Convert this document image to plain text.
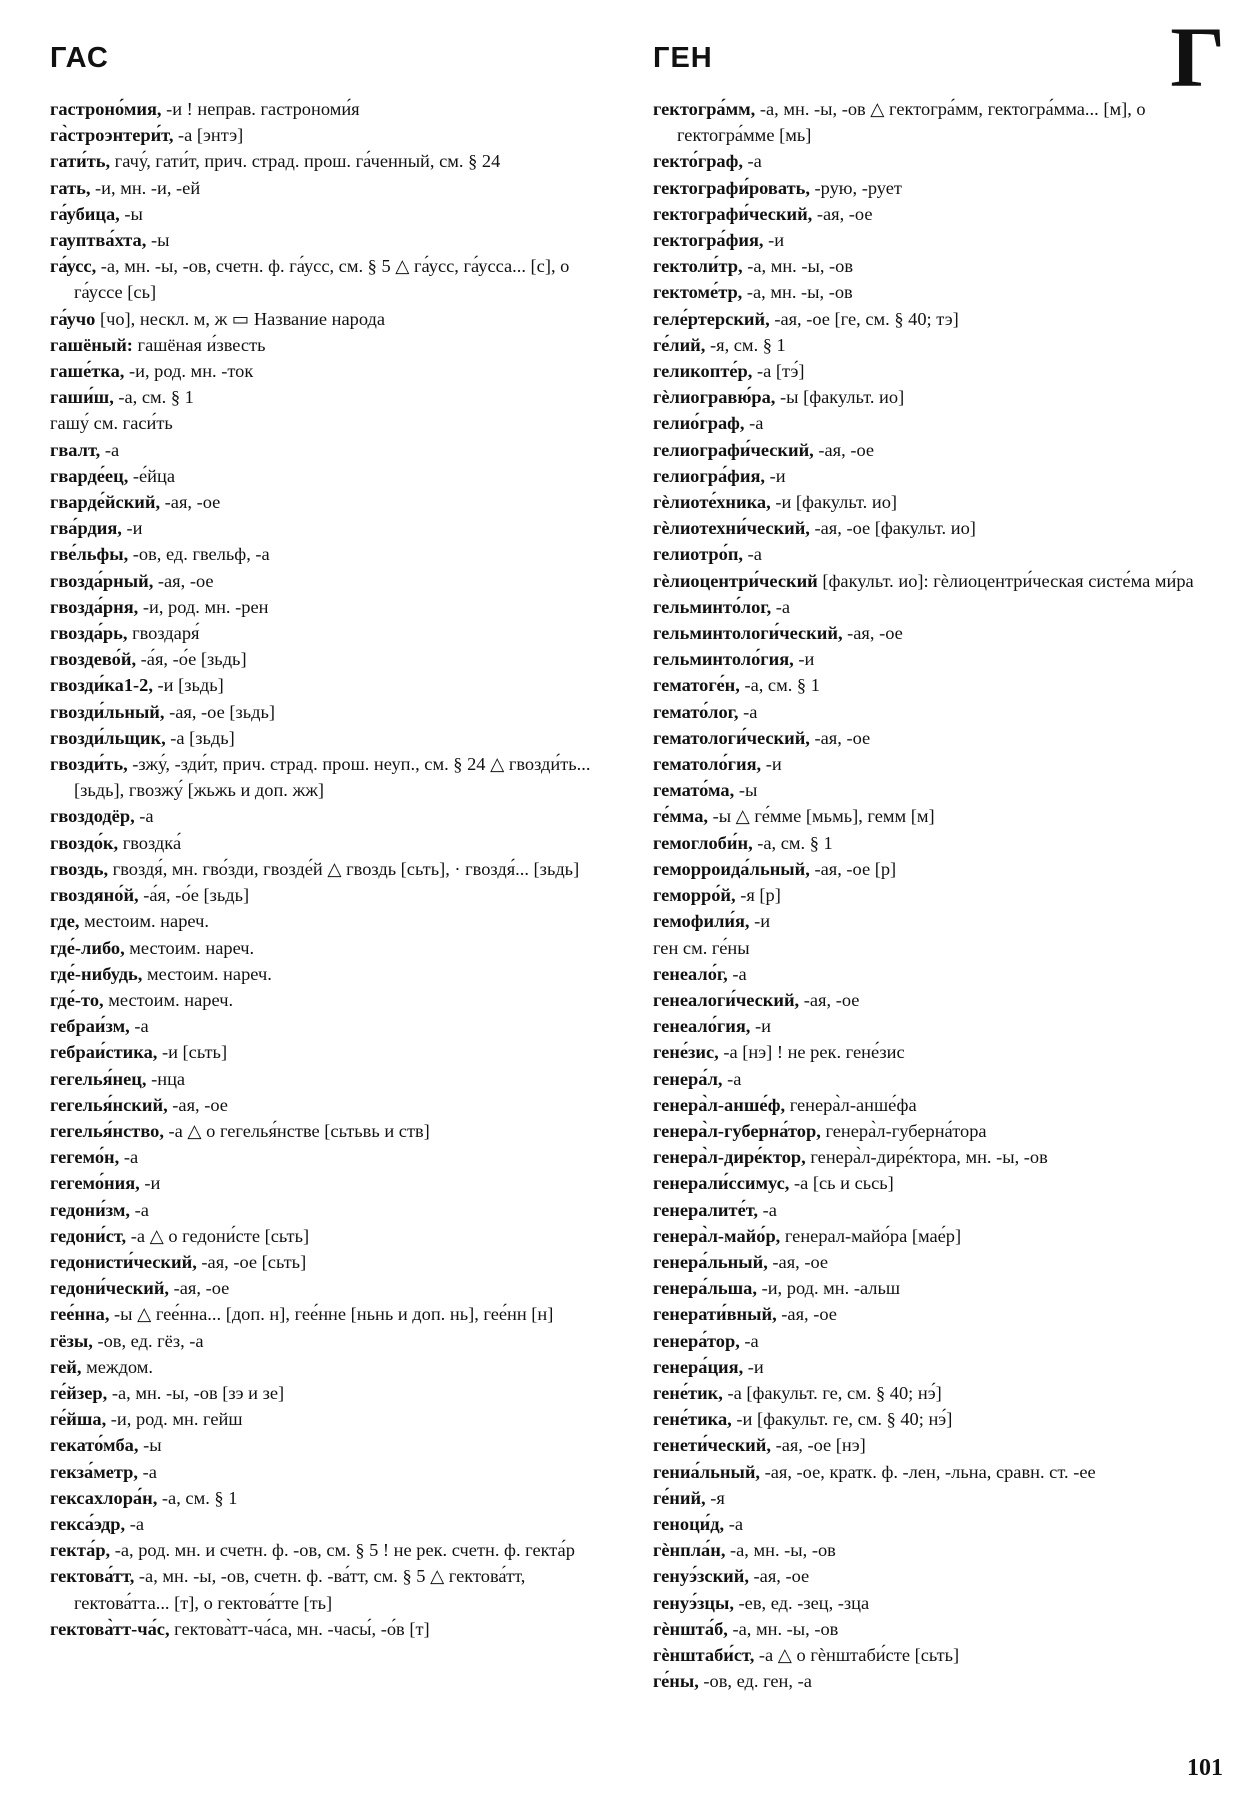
ГАС	ГЕН	Г

гастроно́мия, -и ! неправ. гастрономи́я

га̀строэнтери́т, -а [энтэ]

гати́ть, гачу́, гати́т, прич. страд. прош. га́ченный, см. § 24

гать, -и, мн. -и, -ей

га́убица, -ы

гауптва́хта, -ы

га́усс, -а, мн. -ы, -ов, счетн. ф. га́усс, см. § 5 △ га́усс, га́усса... [с], о га́уссе [сь]

га́учо [чо], нескл. м, ж ▭ Название народа

гашёный: гашёная и́звесть

гаше́тка, -и, род. мн. -ток

гаши́ш, -а, см. § 1

гашу́ см. гаси́ть

гвалт, -а

гварде́ец, -е́йца

гварде́йский, -ая, -ое

гва́рдия, -и

гве́льфы, -ов, ед. гвельф, -а

гвозда́рный, -ая, -ое

гвозда́рня, -и, род. мн. -рен

гвозда́рь, гвоздаря́

гвоздево́й, -а́я, -о́е [зьдь]

гвозди́ка1-2, -и [зьдь]

гвозди́льный, -ая, -ое [зьдь]

гвозди́льщик, -а [зьдь]

гвозди́ть, -зжу́, -зди́т, прич. страд. прош. неуп., см. § 24 △ гвозди́ть... [зьдь], гвозжу́ [жьжь и доп. жж]

гвоздодёр, -а

гвоздо́к, гвоздка́

гвоздь, гвоздя́, мн. гво́зди, гвозде́й △ гвоздь [сьть], · гвоздя́... [зьдь]

гвоздяно́й, -а́я, -о́е [зьдь]

где, местоим. нареч.

где́-либо, местоим. нареч.

где́-нибудь, местоим. нареч.

где́-то, местоим. нареч.

гебраи́зм, -а

гебраи́стика, -и [сьть]

гегелья́нец, -нца

гегелья́нский, -ая, -ое

гегелья́нство, -а △ о гегелья́нстве [сьтьвь и ств]

гегемо́н, -а

гегемо́ния, -и

гедони́зм, -а

гедони́ст, -а △ о гедони́сте [сьть]

гедонисти́ческий, -ая, -ое [сьть]

гедони́ческий, -ая, -ое

гее́нна, -ы △ гее́нна... [доп. н], гее́нне [ньнь и доп. нь], гее́нн [н]

гёзы, -ов, ед. гёз, -а

гей, междом.

ге́йзер, -а, мн. -ы, -ов [зэ и зе]

ге́йша, -и, род. мн. гейш

гекато́мба, -ы

гекза́метр, -а

гексахлора́н, -а, см. § 1

гекса́эдр, -а

гекта́р, -а, род. мн. и счетн. ф. -ов, см. § 5 ! не рек. счетн. ф. гекта́р

гектова́тт, -а, мн. -ы, -ов, счетн. ф. -ва́тт, см. § 5 △ гектова́тт, гектова́тта... [т], о гектова́тте [ть]

гектова̀тт-ча́с, гектова̀тт-ча́са, мн. -часы́, -о́в [т]

гектогра́мм, -а, мн. -ы, -ов △ гектогра́мм, гектогра́мма... [м], о гектогра́мме [мь]

гекто́граф, -а

гектографи́ровать, -рую, -рует

гектографи́ческий, -ая, -ое

гектогра́фия, -и

гектоли́тр, -а, мн. -ы, -ов

гектоме́тр, -а, мн. -ы, -ов

геле́ртерский, -ая, -ое [ге, см. § 40; тэ]

ге́лий, -я, см. § 1

геликопте́р, -а [тэ́]

гѐлиогравю́ра, -ы [факульт. ио]

гелио́граф, -а

гелиографи́ческий, -ая, -ое

гелиогра́фия, -и

гѐлиоте́хника, -и [факульт. ио]

гѐлиотехни́ческий, -ая, -ое [факульт. ио]

гелиотро́п, -а

гѐлиоцентри́ческий [факульт. ио]: гѐлиоцентри́ческая систе́ма ми́ра

гельминто́лог, -а

гельминтологи́ческий, -ая, -ое

гельминтоло́гия, -и

гематоге́н, -а, см. § 1

гемато́лог, -а

гематологи́ческий, -ая, -ое

гематоло́гия, -и

гемато́ма, -ы

ге́мма, -ы △ ге́мме [мьмь], гемм [м]

гемоглоби́н, -а, см. § 1

геморроида́льный, -ая, -ое [р]

геморро́й, -я [р]

гемофили́я, -и

ген см. ге́ны

генеало́г, -а

генеалоги́ческий, -ая, -ое

генеало́гия, -и

гене́зис, -а [нэ] ! не рек. гене́зис

генера́л, -а

генера̀л-анше́ф, генера̀л-анше́фа

генера̀л-губерна́тор, генера̀л-губерна́тора

генера̀л-дире́ктор, генера̀л-дире́ктора, мн. -ы, -ов

генерали́ссимус, -а [сь и сьсь]

генералите́т, -а

генера̀л-майо́р, генерал-майо́ра [мае́р]

генера́льный, -ая, -ое

генера́льша, -и, род. мн. -альш

генерати́вный, -ая, -ое

генера́тор, -а

генера́ция, -и

гене́тик, -а [факульт. ге, см. § 40; нэ́]

гене́тика, -и [факульт. ге, см. § 40; нэ́]

генети́ческий, -ая, -ое [нэ]

гениа́льный, -ая, -ое, кратк. ф. -лен, -льна, сравн. ст. -ее

ге́ний, -я

геноци́д, -а

гѐнпла́н, -а, мн. -ы, -ов

генуэ́зский, -ая, -ое

генуэ́зцы, -ев, ед. -зец, -зца

гѐншта́б, -а, мн. -ы, -ов

гѐнштаби́ст, -а △ о гѐнштаби́сте [сьть]

ге́ны, -ов, ед. ген, -а

101
